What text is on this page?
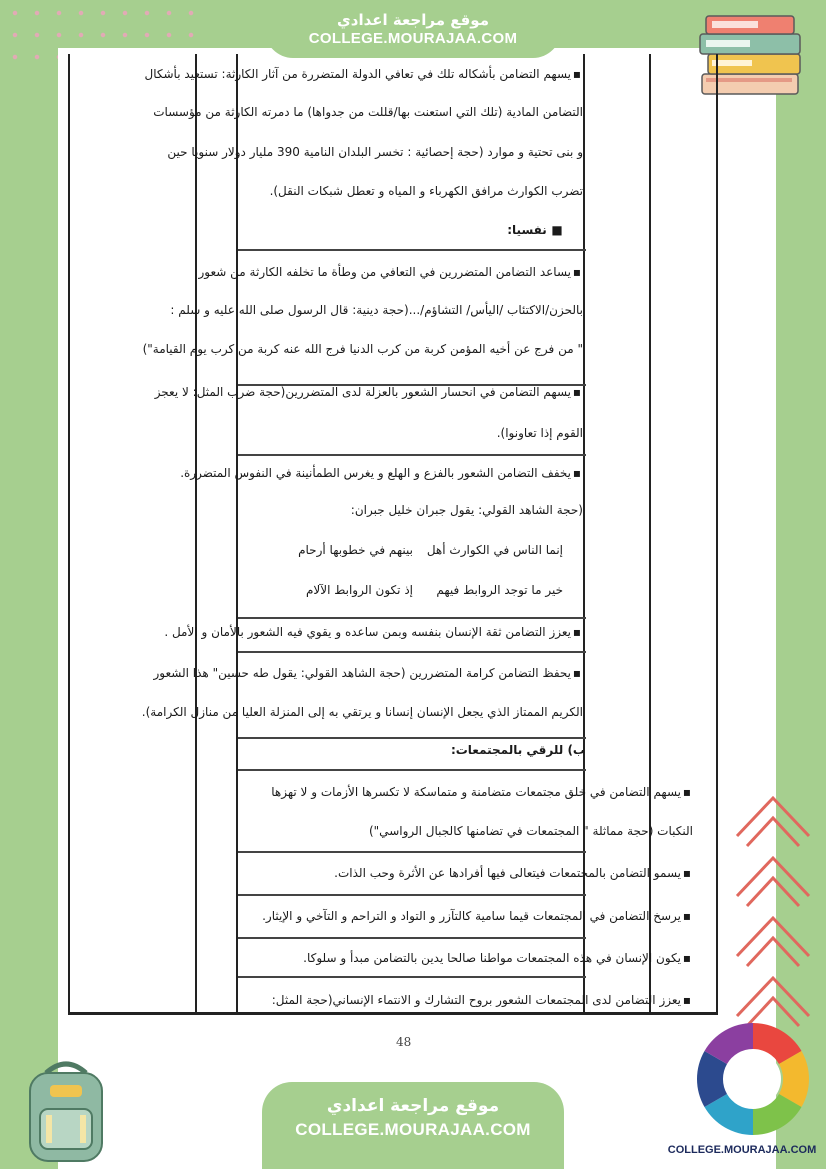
موقع مراجعة اعدادي
COLLEGE.MOURAJAA.COM
▪يسهم التضامن بأشكاله تلك في تعافي الدولة المتضررة من آثار الكارثة: تستعيد بأشكال
التضامن المادية (تلك التي استعنت بها/قللت من جدواها) ما دمرته الكارثة من مؤسسات
و بنى تحتية و موارد (حجة إحصائية : تخسر البلدان النامية 390 مليار دولار سنويا حين
تضرب الكوارث مرافق الكهرباء و المياه و تعطل شبكات النقل).
■ نفسيا:
▪يساعد التضامن المتضررين في التعافي من وطأة ما تخلفه الكارثة من شعور
بالحزن/الاكتئاب /اليأس/ التشاؤم/...(حجة دينية: قال الرسول صلى الله عليه و سلم :
" من فرج عن أخيه المؤمن كربة من كرب الدنيا فرج الله عنه كربة من كرب يوم القيامة")
▪يسهم التضامن في انحسار الشعور بالعزلة لدى المتضررين(حجة ضرب المثل: لا يعجز
القوم إذا تعاونوا).
▪يخفف التضامن الشعور بالفزع و الهلع و يغرس الطمأنينة في النفوس المتضررة.
(حجة الشاهد القولي: يقول جبران خليل جبران:
إنما الناس في الكوارث أهل
بينهم في خطوبها أرحام
خير ما توجد الروابط فيهم
إذ تكون الروابط الآلام
▪يعزز التضامن ثقة الإنسان بنفسه وبمن ساعده و يقوي فيه الشعور بالأمان و الأمل .
▪يحفظ التضامن كرامة المتضررين (حجة الشاهد القولي: يقول طه حسين" هذا الشعور
الكريم الممتاز الذي يجعل الإنسان إنسانا و يرتقي به إلى المنزلة العليا من منازل الكرامة).
ب) للرقي بالمجتمعات:
▪يسهم التضامن في خلق مجتمعات متضامنة و متماسكة لا تكسرها الأزمات و لا تهزها
النكبات (حجة مماثلة " المجتمعات في تضامنها كالجبال الرواسي")
▪يسمو التضامن بالمجتمعات فيتعالى فيها أفرادها عن الأثرة وحب الذات.
▪يرسخ التضامن في المجتمعات قيما سامية كالتآزر و التواد و التراحم و التآخي و الإيثار.
▪يكون الإنسان في هذه المجتمعات مواطنا صالحا يدين بالتضامن مبدأ و سلوكا.
▪يعزز التضامن لدى المجتمعات الشعور بروح التشارك و الانتماء الإنساني(حجة المثل:
48
COLLEGE.MOURAJAA.COM
موقع مراجعة اعدادي
COLLEGE.MOURAJAA.COM
